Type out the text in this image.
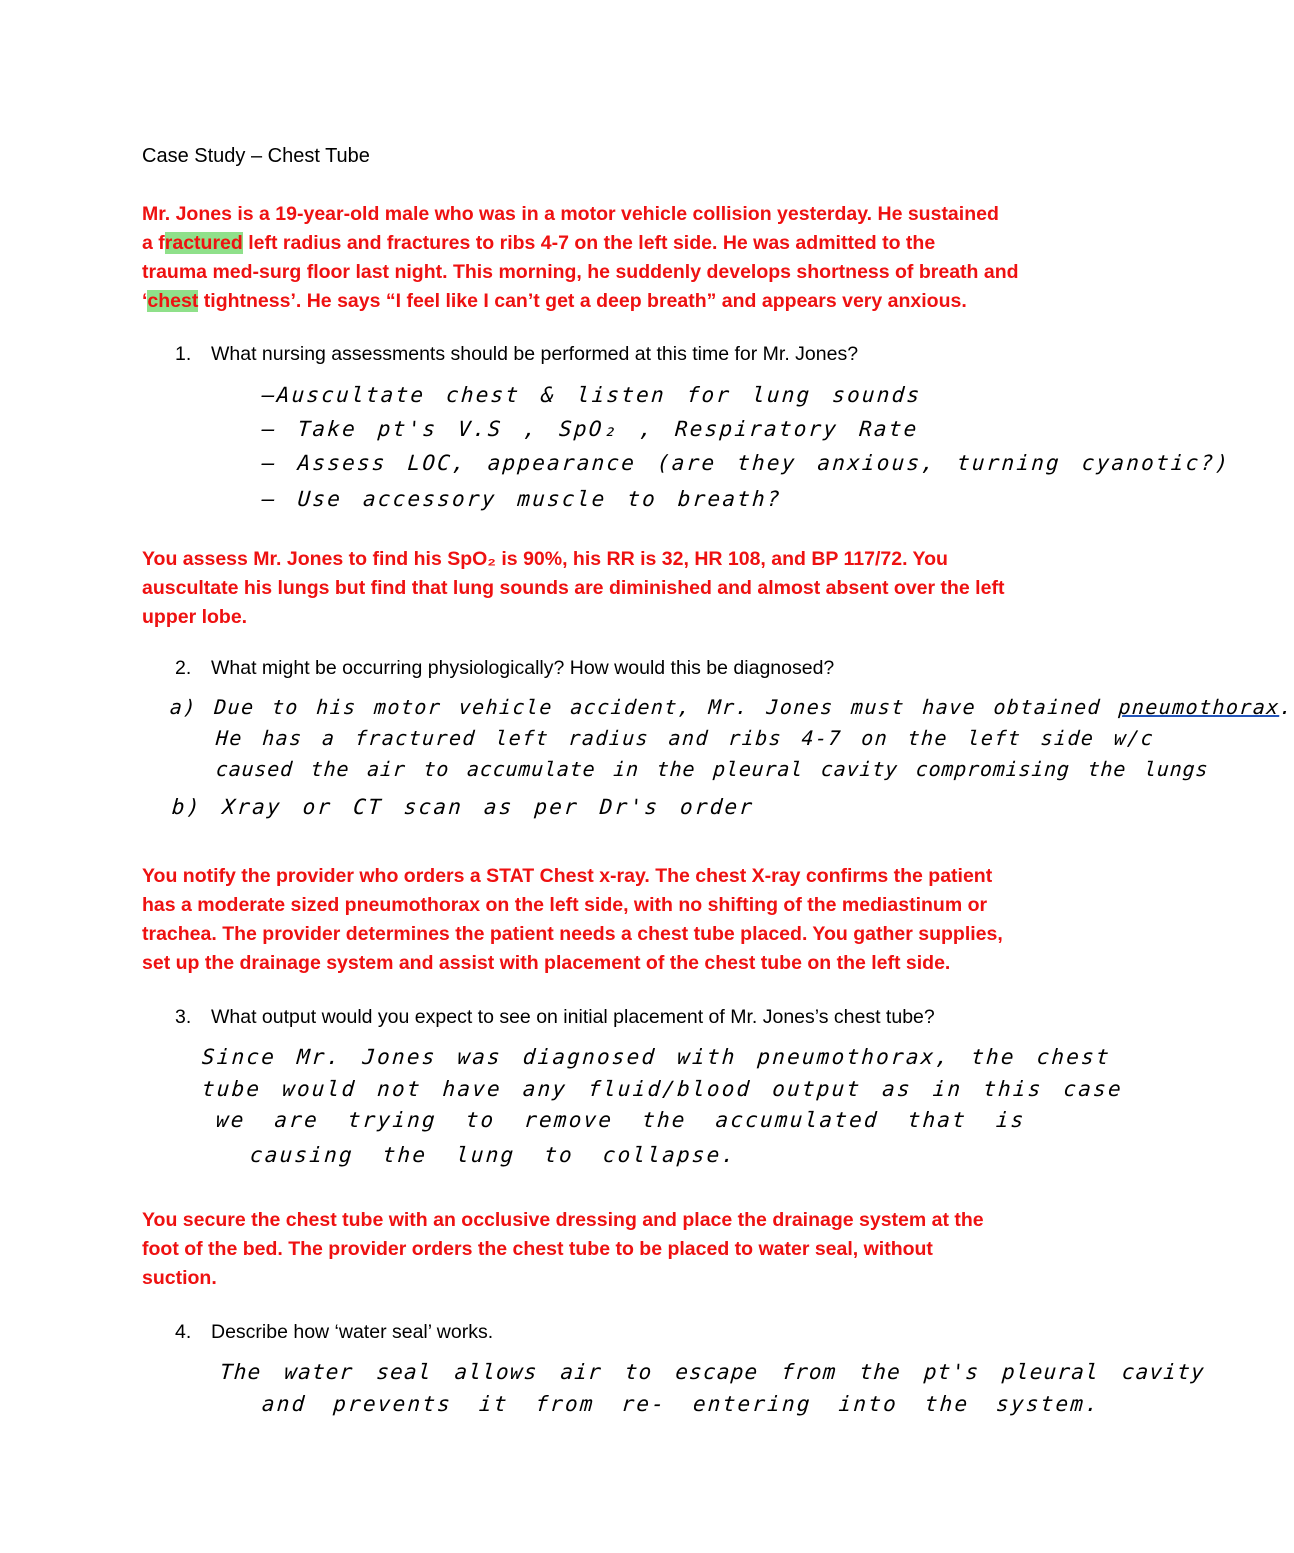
Case Study – Chest Tube
Mr. Jones is a 19-year-old male who was in a motor vehicle collision yesterday. He sustained
a fractured left radius and fractures to ribs 4-7 on the left side. He was admitted to the
trauma med-surg floor last night. This morning, he suddenly develops shortness of breath and
‘chest tightness’. He says “I feel like I can’t get a deep breath” and appears very anxious.
1. What nursing assessments should be performed at this time for Mr. Jones?
—Auscultate chest & listen for lung sounds
— Take pt's V.S , SpO₂ , Respiratory Rate
— Assess LOC, appearance (are they anxious, turning cyanotic?)
— Use accessory muscle to breath?
You assess Mr. Jones to find his SpO₂ is 90%, his RR is 32, HR 108, and BP 117/72. You
auscultate his lungs but find that lung sounds are diminished and almost absent over the left
upper lobe.
2. What might be occurring physiologically? How would this be diagnosed?
a) Due to his motor vehicle accident, Mr. Jones must have obtained pneumothorax.
He has a fractured left radius and ribs 4-7 on the left side w/c
caused the air to accumulate in the pleural cavity compromising the lungs
b) Xray or CT scan as per Dr's order
You notify the provider who orders a STAT Chest x-ray. The chest X-ray confirms the patient
has a moderate sized pneumothorax on the left side, with no shifting of the mediastinum or
trachea. The provider determines the patient needs a chest tube placed. You gather supplies,
set up the drainage system and assist with placement of the chest tube on the left side.
3. What output would you expect to see on initial placement of Mr. Jones’s chest tube?
Since Mr. Jones was diagnosed with pneumothorax, the chest
tube would not have any fluid/blood output as in this case
we are trying to remove the accumulated that is
causing the lung to collapse.
You secure the chest tube with an occlusive dressing and place the drainage system at the
foot of the bed. The provider orders the chest tube to be placed to water seal, without
suction.
4. Describe how ‘water seal’ works.
The water seal allows air to escape from the pt's pleural cavity
and prevents it from re- entering into the system.
